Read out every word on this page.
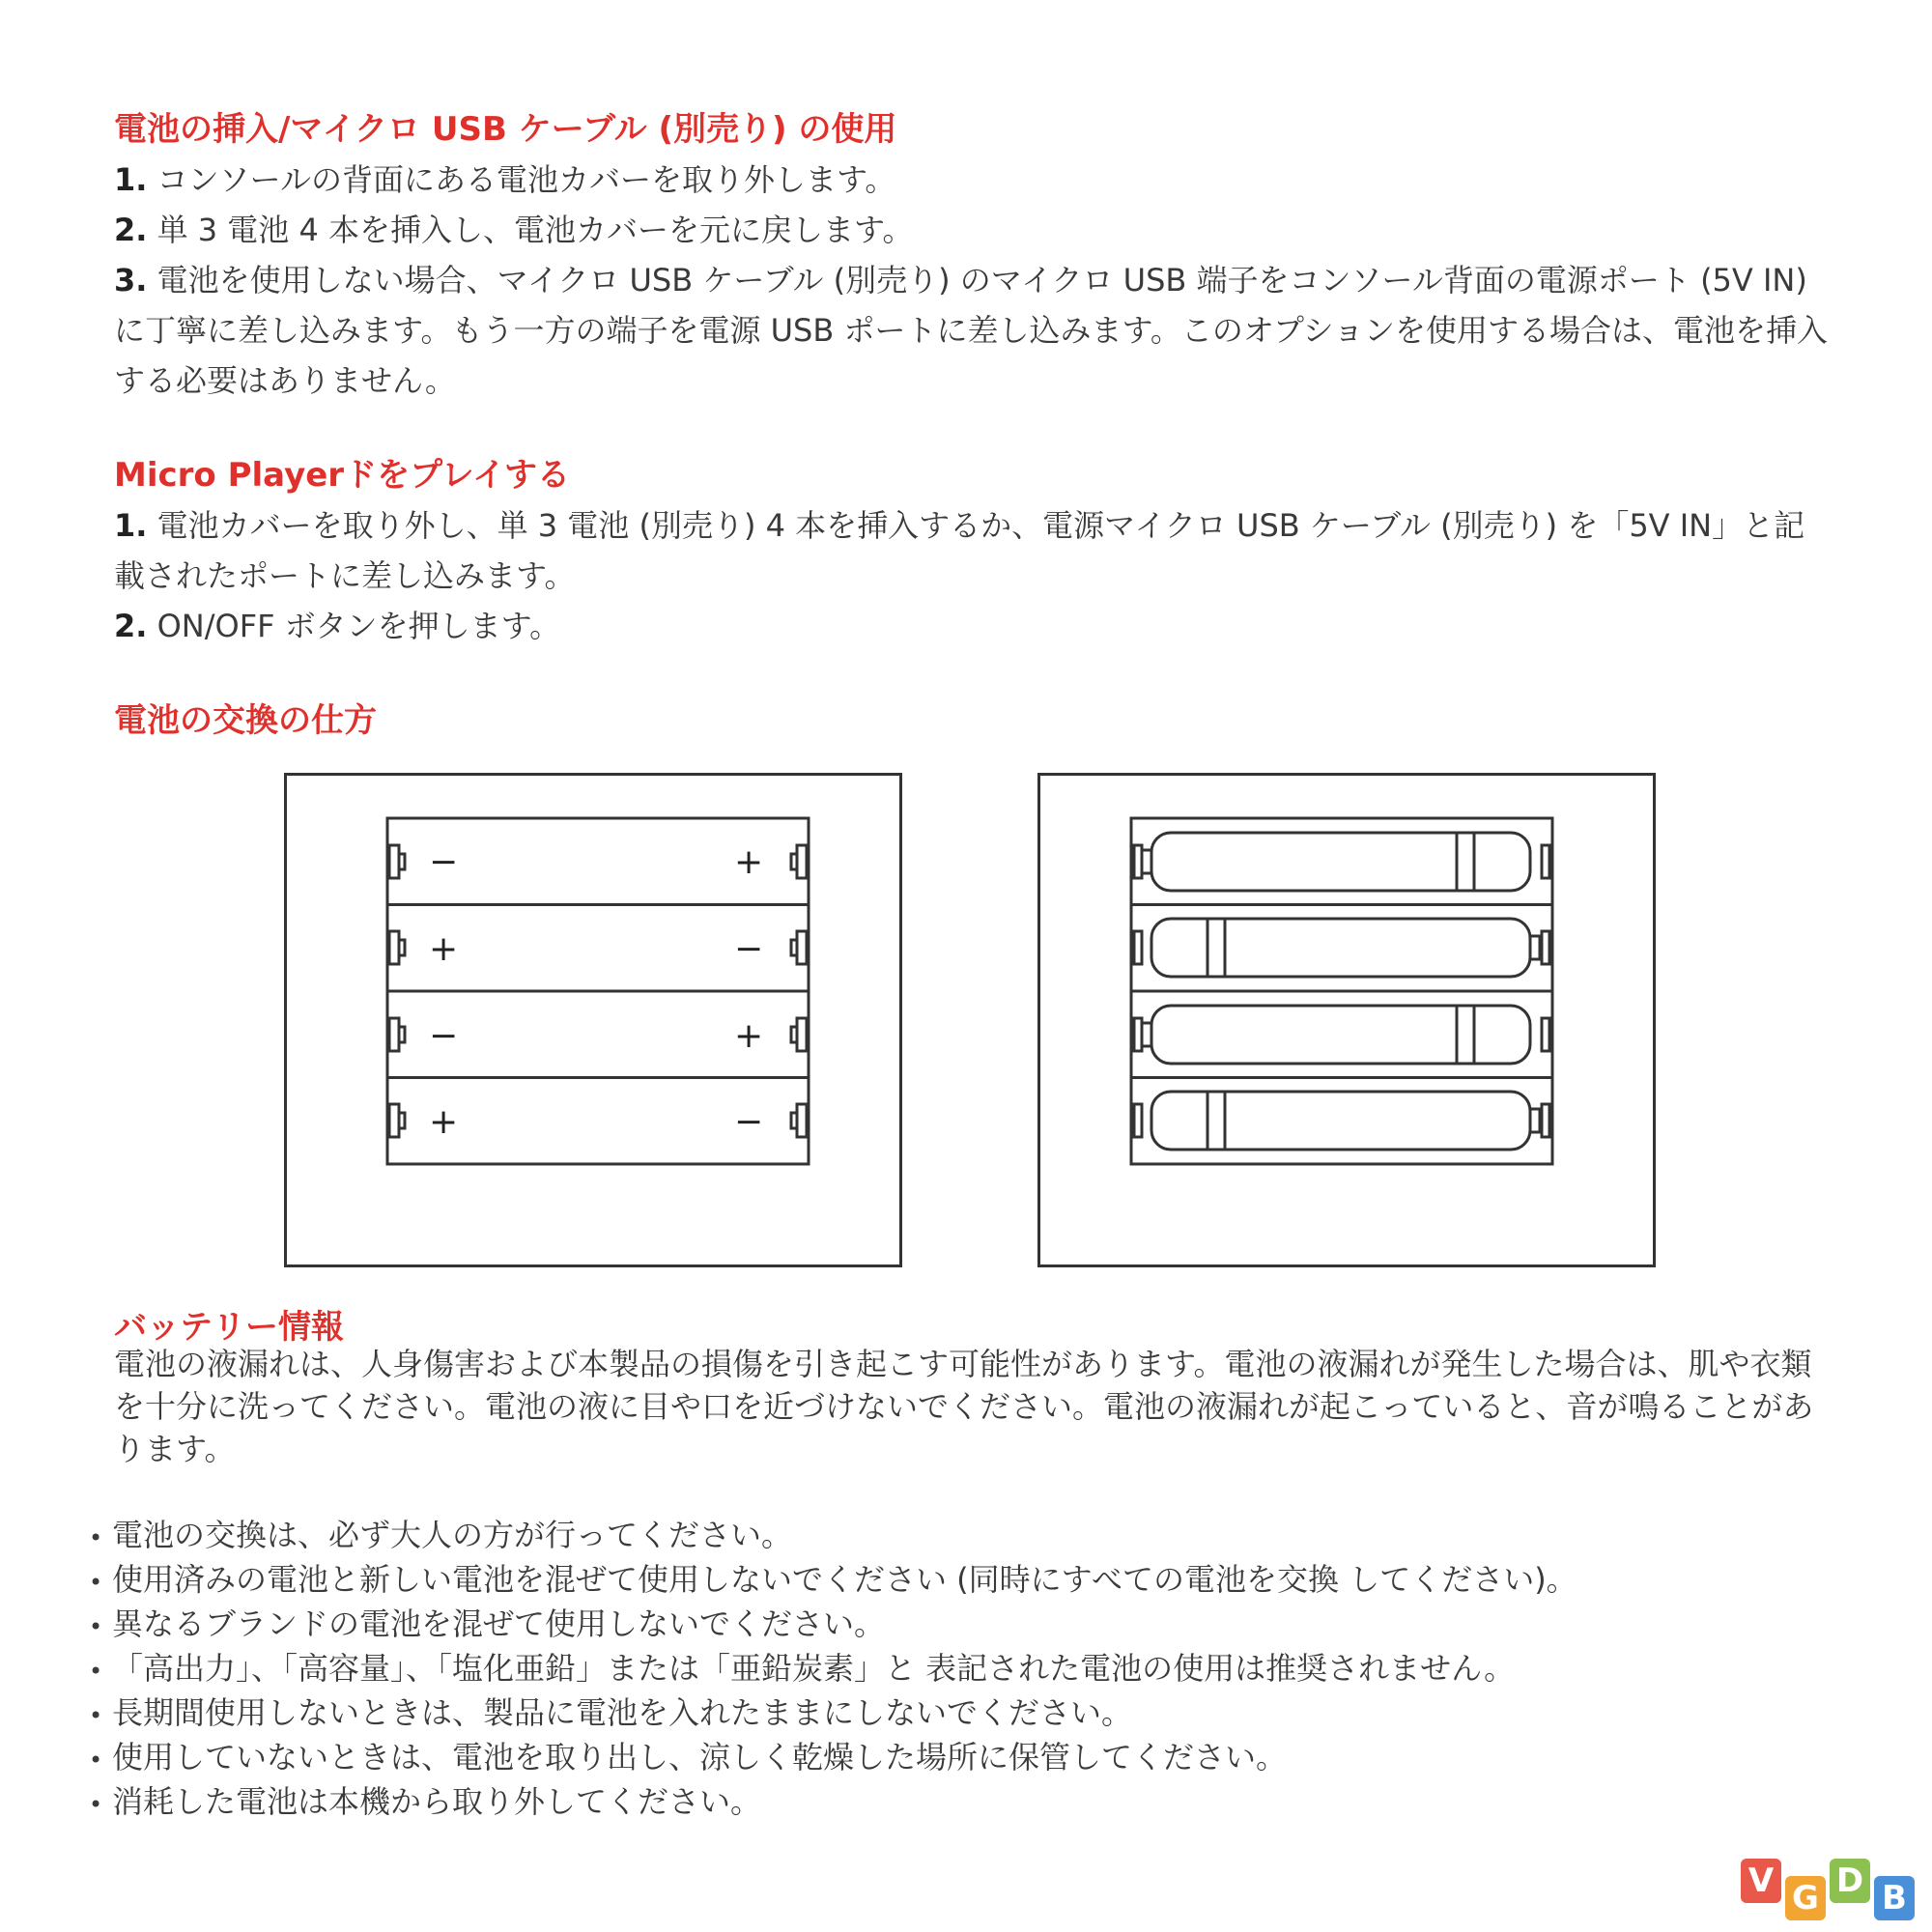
電池の挿入/マイクロ USB ケーブル (別売り) の使用
1. コンソールの背面にある電池カバーを取り外します。
2. 単 3 電池 4 本を挿入し、電池カバーを元に戻します。
3. 電池を使用しない場合、マイクロ USB ケーブル (別売り) のマイクロ USB 端子をコンソール背面の電源ポート (5V IN) に丁寧に差し込みます。もう一方の端子を電源 USB ポートに差し込みます。このオプションを使用する場合は、電池を挿入する必要はありません。
Micro Playerドをプレイする
1. 電池カバーを取り外し、単 3 電池 (別売り) 4 本を挿入するか、電源マイクロ USB ケーブル (別売り) を「5V IN」と記載されたポートに差し込みます。
2. ON/OFF ボタンを押します。
電池の交換の仕方
−	+
+	−
−	+
+	−
バッテリー情報

電池の液漏れは、人身傷害および本製品の損傷を引き起こす可能性があります。電池の液漏れが発生した場合は、肌や衣類を十分に洗ってください。電池の液に目や口を近づけないでください。電池の液漏れが起こっていると、音が鳴ることがあります。

• 電池の交換は、必ず大人の方が行ってください。
• 使用済みの電池と新しい電池を混ぜて使用しないでください (同時にすべての電池を交換 してください)。
• 異なるブランドの電池を混ぜて使用しないでください。
• 「高出力」、「高容量」、「塩化亜鉛」または「亜鉛炭素」と 表記された電池の使用は推奨されません。
• 長期間使用しないときは、製品に電池を入れたままにしないでください。
• 使用していないときは、電池を取り出し、涼しく乾燥した場所に保管してください。
• 消耗した電池は本機から取り外してください。
V G D B
